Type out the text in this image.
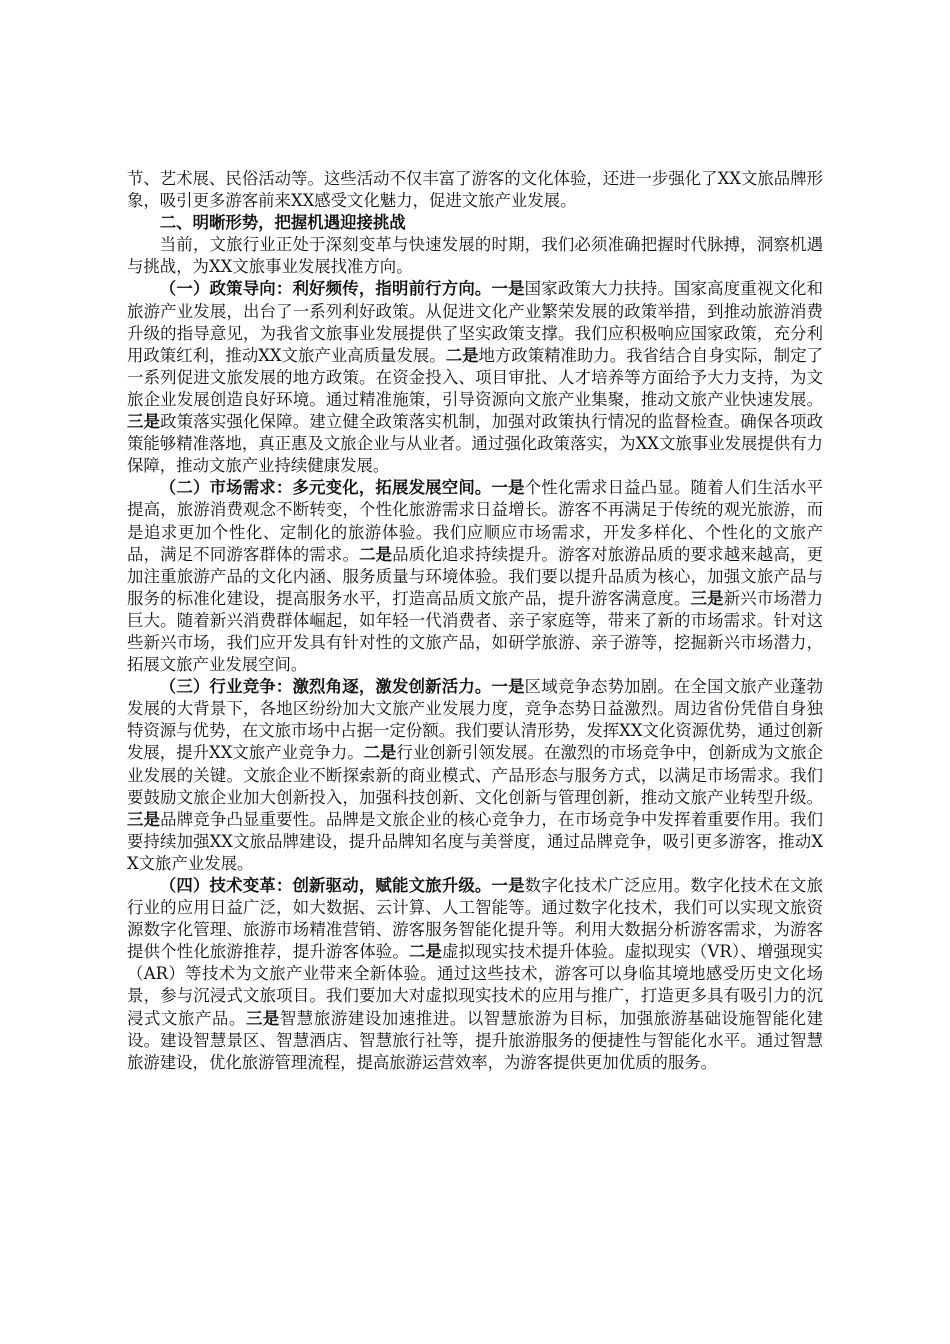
节、艺术展、民俗活动等。这些活动不仅丰富了游客的文化体验，还进一步强化了XX文旅品牌形象，吸引更多游客前来XX感受文化魅力，促进文旅产业发展。

二、明晰形势，把握机遇迎接挑战

当前，文旅行业正处于深刻变革与快速发展的时期，我们必须准确把握时代脉搏，洞察机遇与挑战，为XX文旅事业发展找准方向。

（一）政策导向：利好频传，指明前行方向。一是国家政策大力扶持。国家高度重视文化和旅游产业发展，出台了一系列利好政策。从促进文化产业繁荣发展的政策举措，到推动旅游消费升级的指导意见，为我省文旅事业发展提供了坚实政策支撑。我们应积极响应国家政策，充分利用政策红利，推动XX文旅产业高质量发展。二是地方政策精准助力。我省结合自身实际，制定了一系列促进文旅发展的地方政策。在资金投入、项目审批、人才培养等方面给予大力支持，为文旅企业发展创造良好环境。通过精准施策，引导资源向文旅产业集聚，推动文旅产业快速发展。三是政策落实强化保障。建立健全政策落实机制，加强对政策执行情况的监督检查。确保各项政策能够精准落地，真正惠及文旅企业与从业者。通过强化政策落实，为XX文旅事业发展提供有力保障，推动文旅产业持续健康发展。

（二）市场需求：多元变化，拓展发展空间。一是个性化需求日益凸显。随着人们生活水平提高，旅游消费观念不断转变，个性化旅游需求日益增长。游客不再满足于传统的观光旅游，而是追求更加个性化、定制化的旅游体验。我们应顺应市场需求，开发多样化、个性化的文旅产品，满足不同游客群体的需求。二是品质化追求持续提升。游客对旅游品质的要求越来越高，更加注重旅游产品的文化内涵、服务质量与环境体验。我们要以提升品质为核心，加强文旅产品与服务的标准化建设，提高服务水平，打造高品质文旅产品，提升游客满意度。三是新兴市场潜力巨大。随着新兴消费群体崛起，如年轻一代消费者、亲子家庭等，带来了新的市场需求。针对这些新兴市场，我们应开发具有针对性的文旅产品，如研学旅游、亲子游等，挖掘新兴市场潜力，拓展文旅产业发展空间。

（三）行业竞争：激烈角逐，激发创新活力。一是区域竞争态势加剧。在全国文旅产业蓬勃发展的大背景下，各地区纷纷加大文旅产业发展力度，竞争态势日益激烈。周边省份凭借自身独特资源与优势，在文旅市场中占据一定份额。我们要认清形势，发挥XX文化资源优势，通过创新发展，提升XX文旅产业竞争力。二是行业创新引领发展。在激烈的市场竞争中，创新成为文旅企业发展的关键。文旅企业不断探索新的商业模式、产品形态与服务方式，以满足市场需求。我们要鼓励文旅企业加大创新投入，加强科技创新、文化创新与管理创新，推动文旅产业转型升级。三是品牌竞争凸显重要性。品牌是文旅企业的核心竞争力，在市场竞争中发挥着重要作用。我们要持续加强XX文旅品牌建设，提升品牌知名度与美誉度，通过品牌竞争，吸引更多游客，推动XX文旅产业发展。

（四）技术变革：创新驱动，赋能文旅升级。一是数字化技术广泛应用。数字化技术在文旅行业的应用日益广泛，如大数据、云计算、人工智能等。通过数字化技术，我们可以实现文旅资源数字化管理、旅游市场精准营销、游客服务智能化提升等。利用大数据分析游客需求，为游客提供个性化旅游推荐，提升游客体验。二是虚拟现实技术提升体验。虚拟现实（VR）、增强现实（AR）等技术为文旅产业带来全新体验。通过这些技术，游客可以身临其境地感受历史文化场景，参与沉浸式文旅项目。我们要加大对虚拟现实技术的应用与推广，打造更多具有吸引力的沉浸式文旅产品。三是智慧旅游建设加速推进。以智慧旅游为目标，加强旅游基础设施智能化建设。建设智慧景区、智慧酒店、智慧旅行社等，提升旅游服务的便捷性与智能化水平。通过智慧旅游建设，优化旅游管理流程，提高旅游运营效率，为游客提供更加优质的服务。
